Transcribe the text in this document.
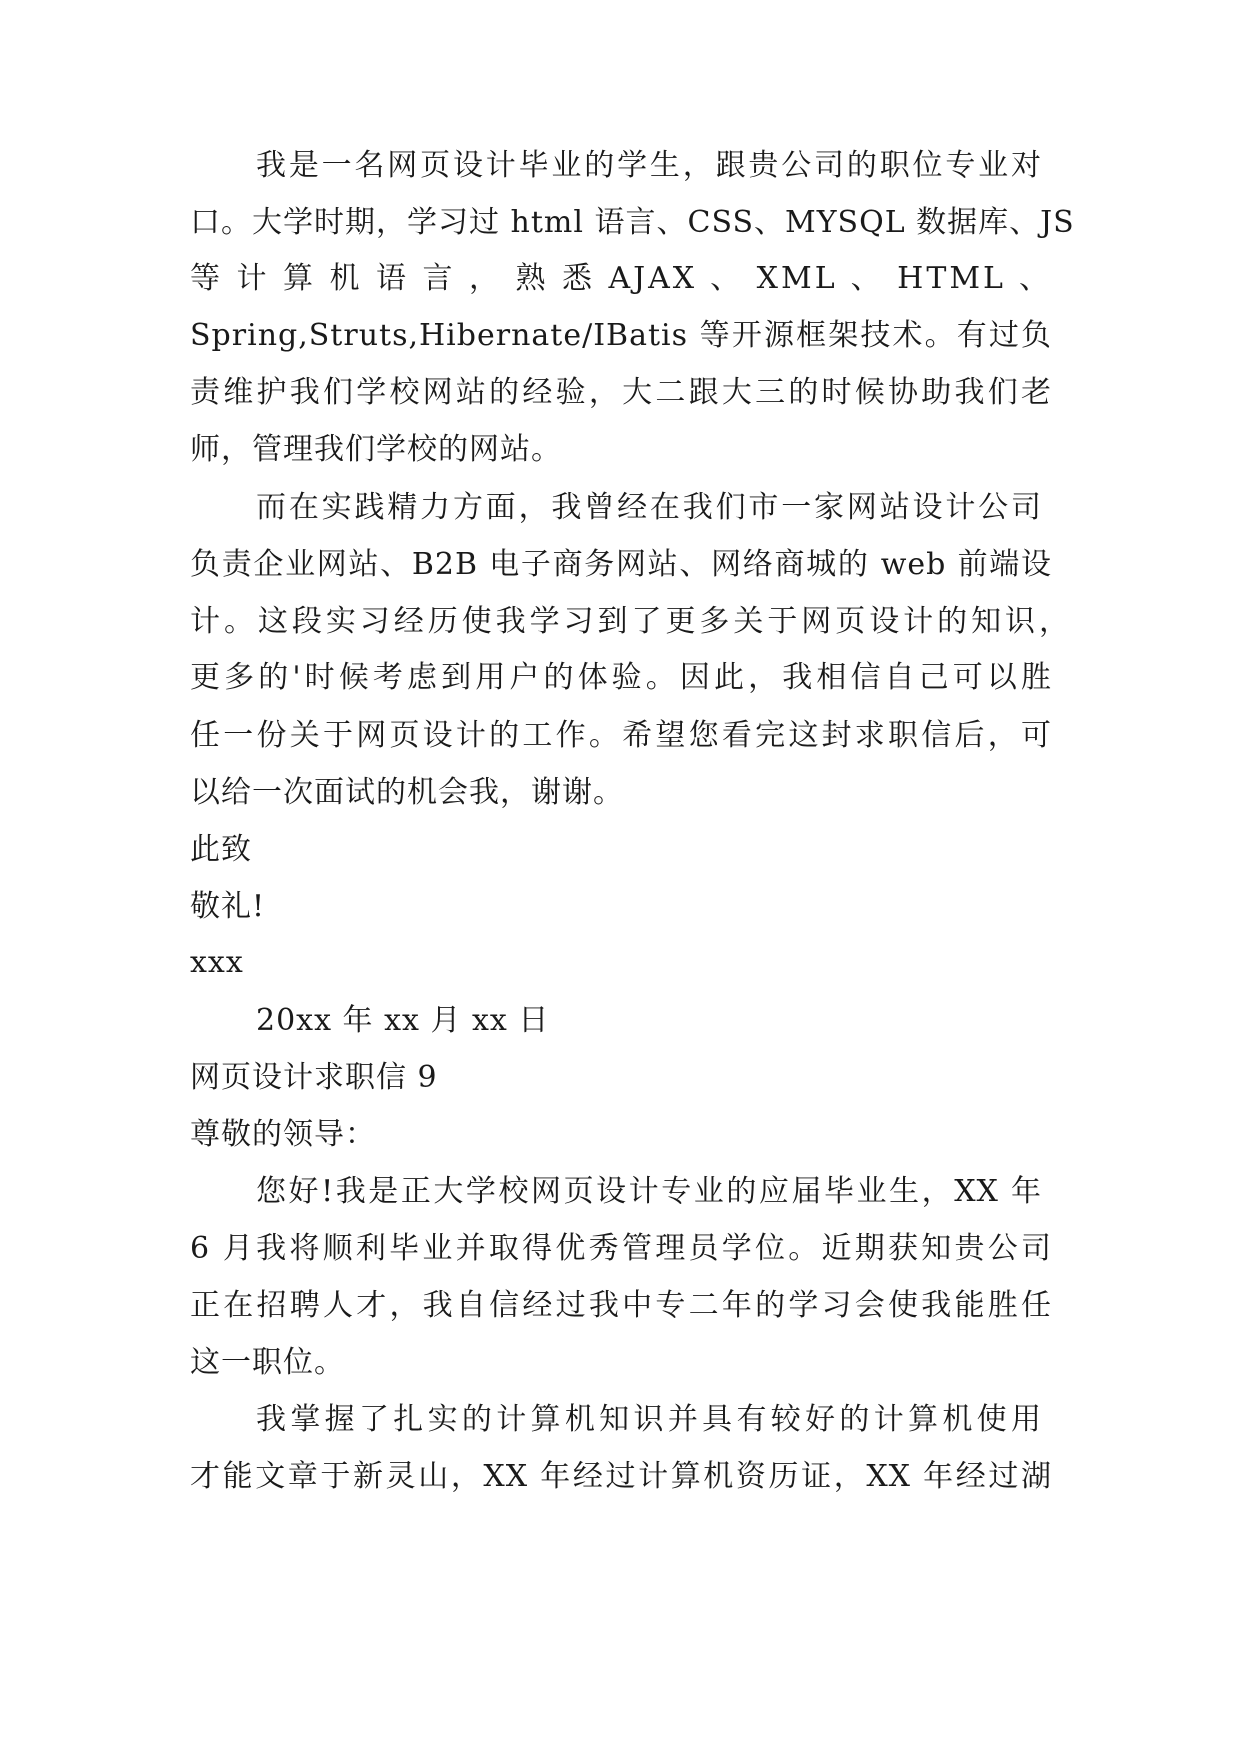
我是一名网页设计毕业的学生，跟贵公司的职位专业对
口。大学时期，学习过 html 语言、CSS、MYSQL 数据库、JS
等 计 算 机 语 言 ， 熟 悉 AJAX 、 XML 、 HTML 、
Spring,Struts,Hibernate/IBatis 等开源框架技术。有过负
责维护我们学校网站的经验，大二跟大三的时候协助我们老
师，管理我们学校的网站。
而在实践精力方面，我曾经在我们市一家网站设计公司
负责企业网站、B2B 电子商务网站、网络商城的 web 前端设
计。这段实习经历使我学习到了更多关于网页设计的知识，
更多的'时候考虑到用户的体验。因此，我相信自己可以胜
任一份关于网页设计的工作。希望您看完这封求职信后，可
以给一次面试的机会我，谢谢。
此致
敬礼!
xxx
20xx 年 xx 月 xx 日
网页设计求职信 9
尊敬的领导：
您好!我是正大学校网页设计专业的应届毕业生，XX 年
6 月我将顺利毕业并取得优秀管理员学位。近期获知贵公司
正在招聘人才，我自信经过我中专二年的学习会使我能胜任
这一职位。
我掌握了扎实的计算机知识并具有较好的计算机使用
才能文章于新灵山，XX 年经过计算机资历证，XX 年经过湖
